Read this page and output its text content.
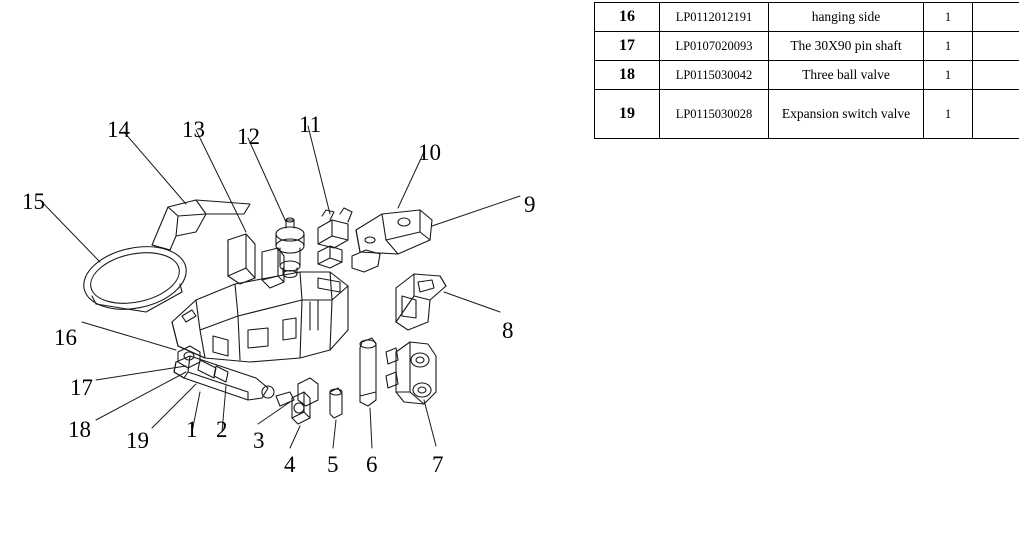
1 2 3
4 5 6 7
8
9
10
11
12
13
14
15
16
17
18 19
16	LP0112012191	hanging side	1	
17	LP0107020093	The 30X90 pin shaft	1	
18	LP0115030042	Three ball valve	1	
19	LP0115030028	Expansion switch valve	1	
